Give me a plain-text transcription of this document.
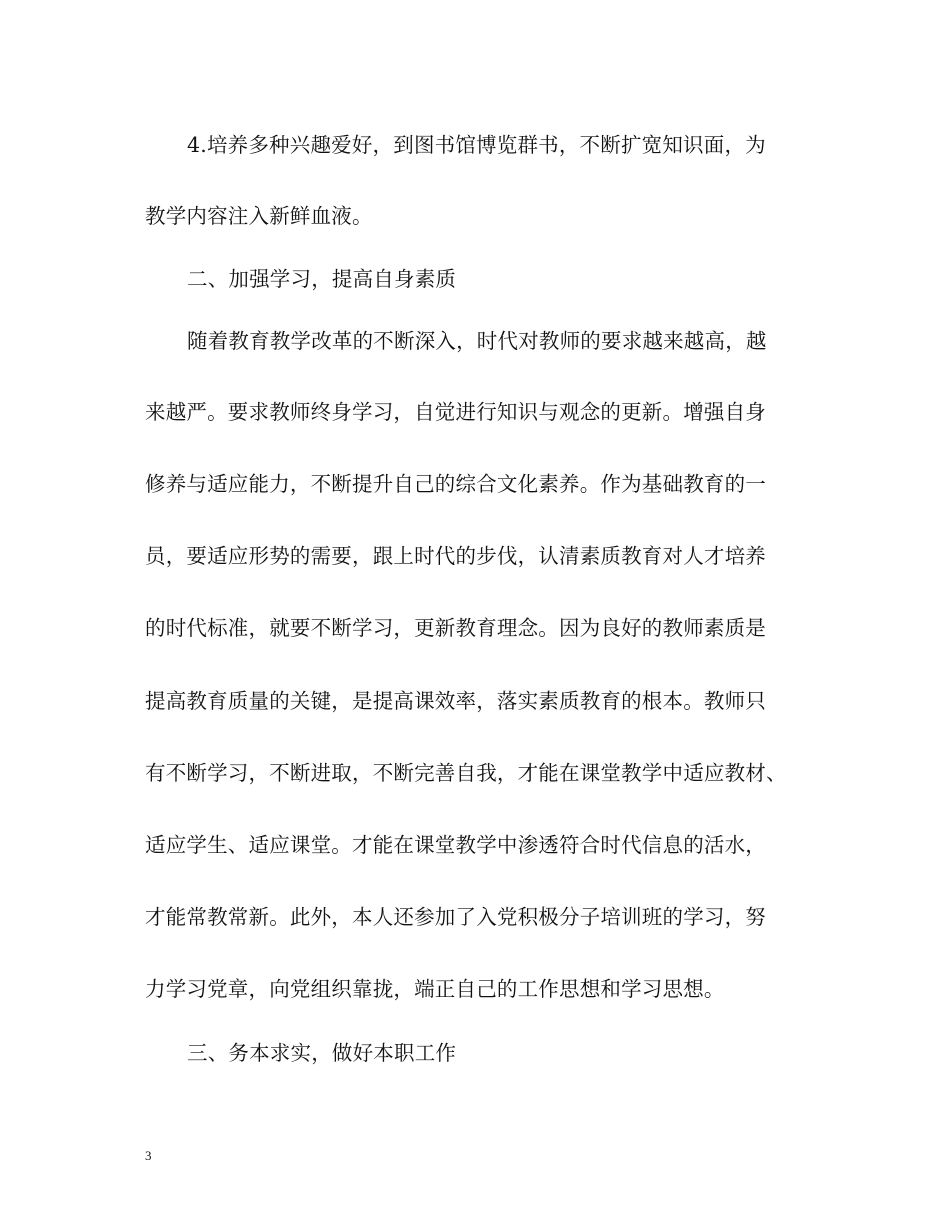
4.培养多种兴趣爱好，到图书馆博览群书，不断扩宽知识面，为
教学内容注入新鲜血液。
二、加强学习，提高自身素质
随着教育教学改革的不断深入，时代对教师的要求越来越高，越
来越严。要求教师终身学习，自觉进行知识与观念的更新。增强自身
修养与适应能力，不断提升自己的综合文化素养。作为基础教育的一
员，要适应形势的需要，跟上时代的步伐，认清素质教育对人才培养
的时代标准，就要不断学习，更新教育理念。因为良好的教师素质是
提高教育质量的关键，是提高课效率，落实素质教育的根本。教师只
有不断学习，不断进取，不断完善自我，才能在课堂教学中适应教材、
适应学生、适应课堂。才能在课堂教学中渗透符合时代信息的活水，
才能常教常新。此外，本人还参加了入党积极分子培训班的学习，努
力学习党章，向党组织靠拢，端正自己的工作思想和学习思想。
三、务本求实，做好本职工作
3
